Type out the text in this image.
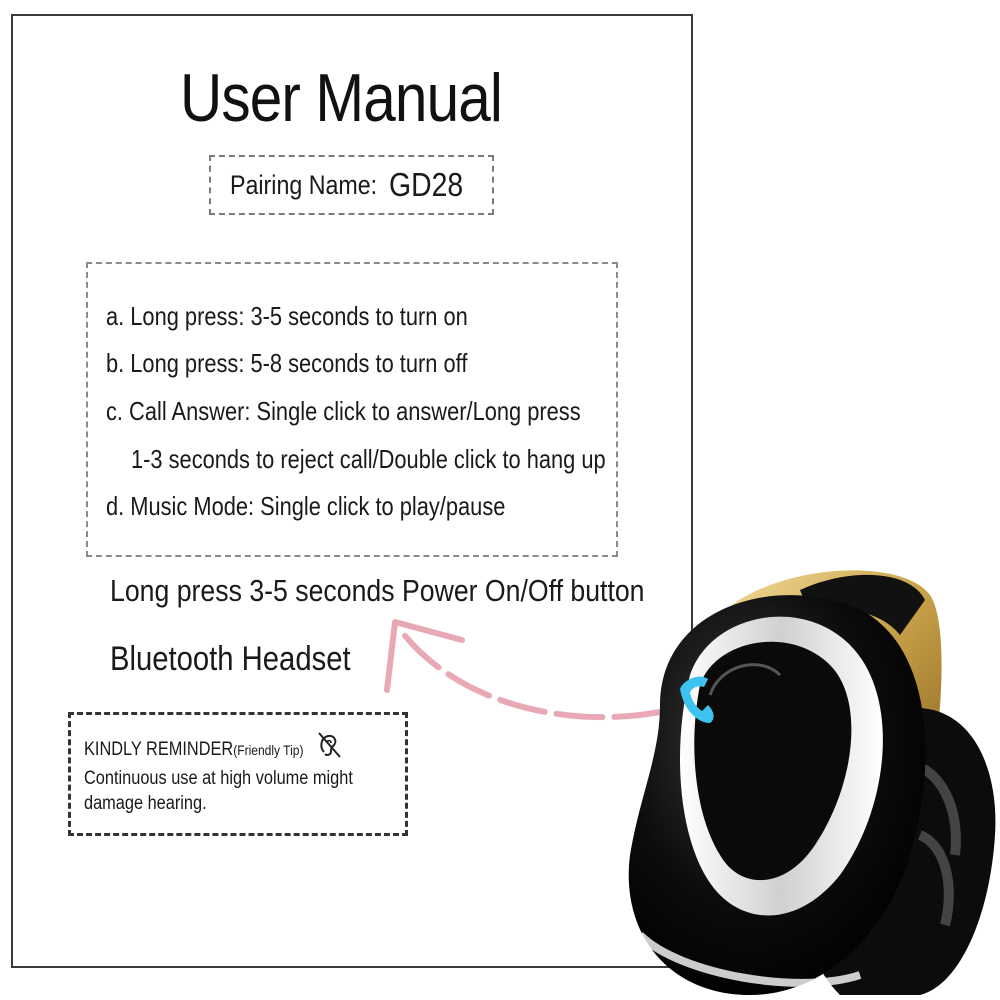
User Manual
Pairing Name: GD28
a. Long press: 3-5 seconds to turn on
b. Long press: 5-8 seconds to turn off
c. Call Answer: Single click to answer/Long press
1-3 seconds to reject call/Double click to hang up
d. Music Mode: Single click to play/pause
Long press 3-5 seconds Power On/Off button
Bluetooth Headset
KINDLY REMINDER(Friendly Tip)
Continuous use at high volume might damage hearing.
